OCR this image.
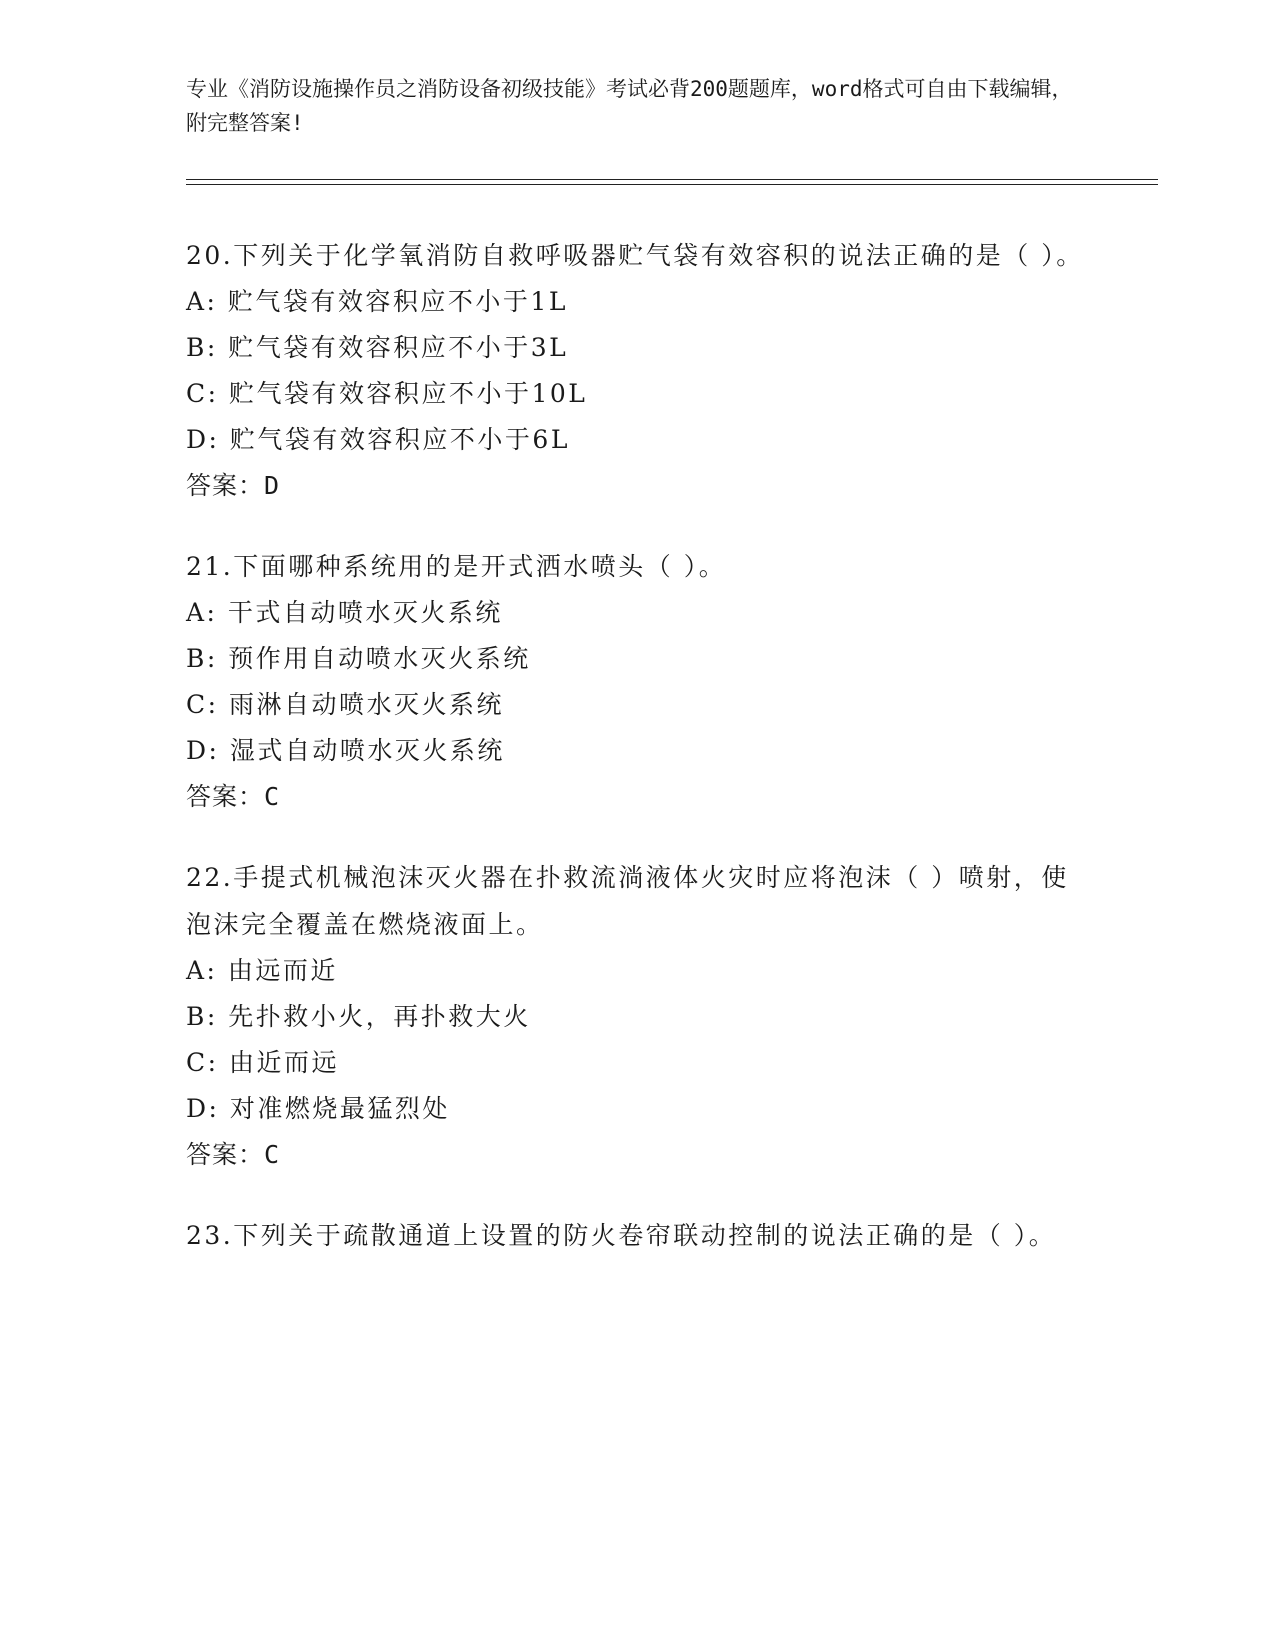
专业《消防设施操作员之消防设备初级技能》考试必背200题题库，word格式可自由下载编辑，附完整答案!
20.下列关于化学氧消防自救呼吸器贮气袋有效容积的说法正确的是（ ）。
A: 贮气袋有效容积应不小于1L
B: 贮气袋有效容积应不小于3L
C: 贮气袋有效容积应不小于10L
D: 贮气袋有效容积应不小于6L
答案：D
21.下面哪种系统用的是开式洒水喷头（ ）。
A: 干式自动喷水灭火系统
B: 预作用自动喷水灭火系统
C: 雨淋自动喷水灭火系统
D: 湿式自动喷水灭火系统
答案：C
22.手提式机械泡沫灭火器在扑救流淌液体火灾时应将泡沫（ ）喷射，使泡沫完全覆盖在燃烧液面上。
A: 由远而近
B: 先扑救小火，再扑救大火
C: 由近而远
D: 对准燃烧最猛烈处
答案：C
23.下列关于疏散通道上设置的防火卷帘联动控制的说法正确的是（ ）。
